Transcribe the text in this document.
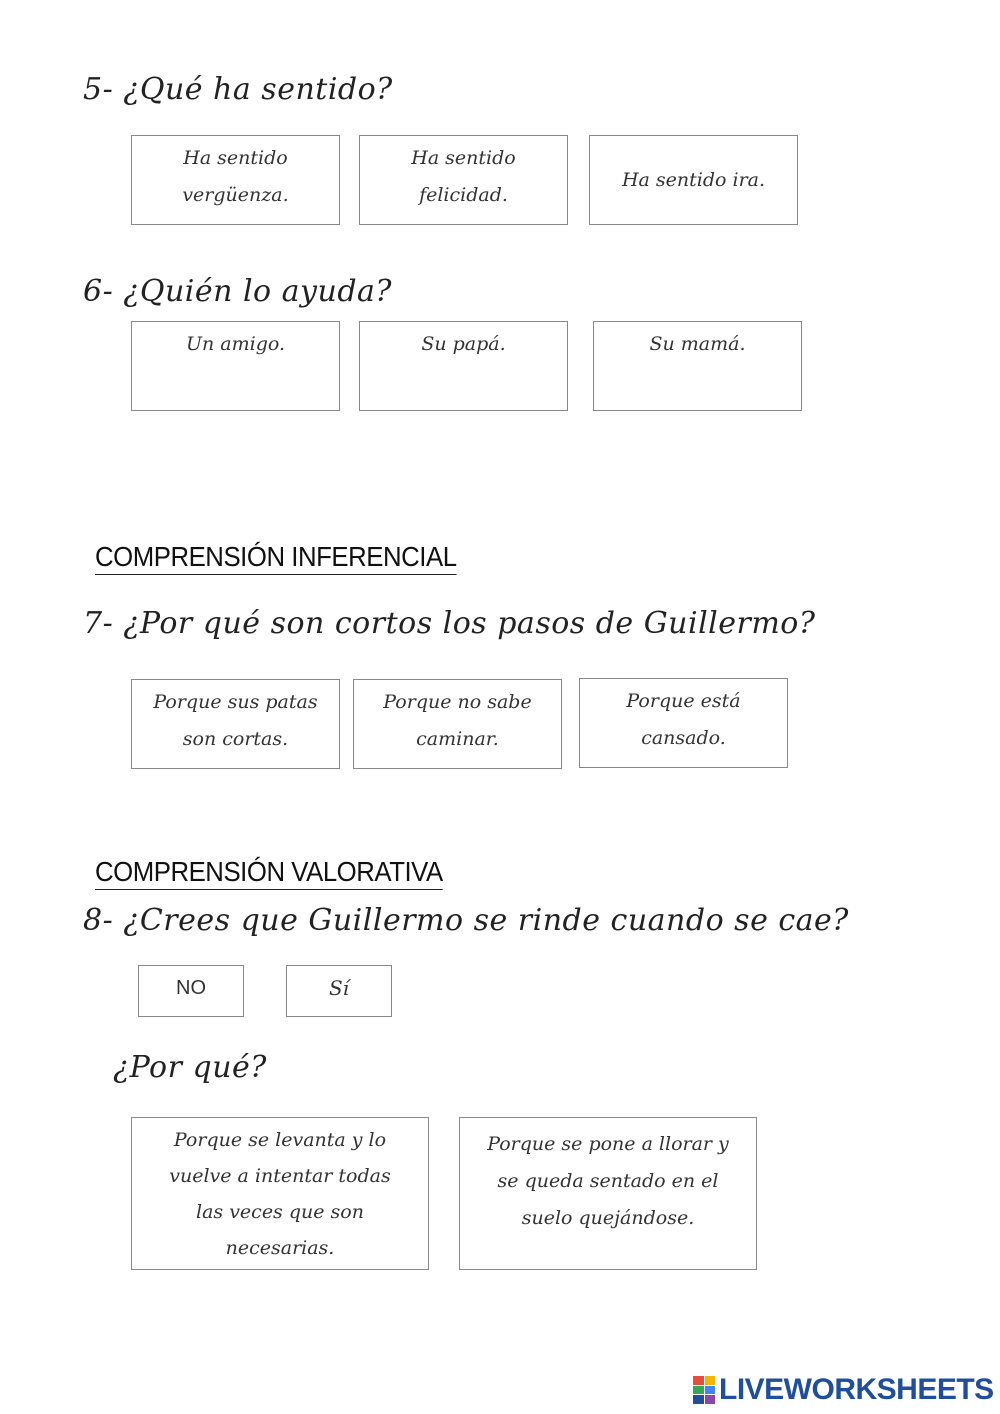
5- ¿Qué ha sentido?
Ha sentido
vergüenza.
Ha sentido
felicidad.
Ha sentido ira.
6- ¿Quién lo ayuda?
Un amigo.	Su papá.	Su mamá.
COMPRENSIÓN INFERENCIAL
7- ¿Por qué son cortos los pasos de Guillermo?
Porque sus patas
son cortas.
Porque no sabe
caminar.
Porque está
cansado.
COMPRENSIÓN VALORATIVA
8- ¿Crees que Guillermo se rinde cuando se cae?
NO	Sí
¿Por qué?
Porque se levanta y lo
vuelve a intentar todas
las veces que son
necesarias.
Porque se pone a llorar y
se queda sentado en el
suelo quejándose.
LIVEWORKSHEETS
